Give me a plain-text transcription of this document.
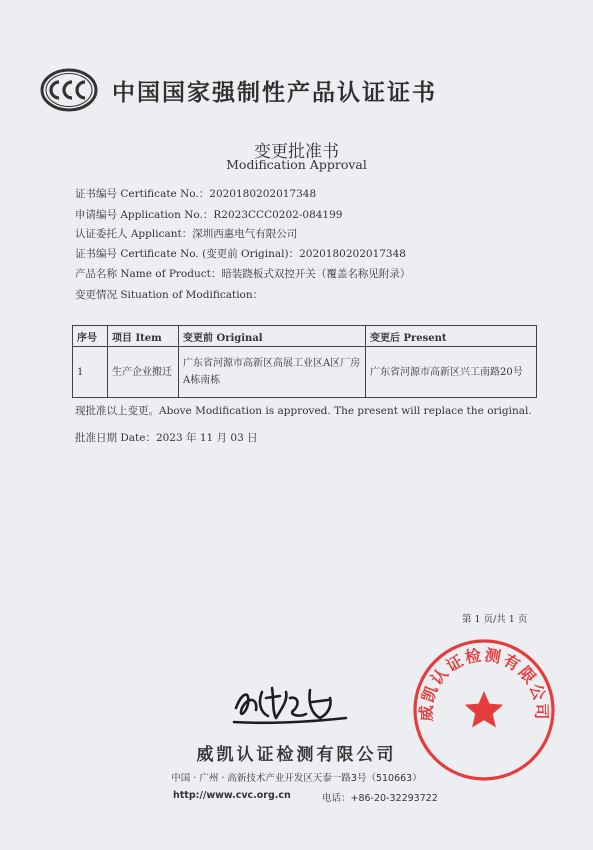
中国国家强制性产品认证证书
变更批准书
Modification Approval
证书编号 Certificate No.：2020180202017348
申请编号 Application No.：R2023CCC0202-084199
认证委托人 Applicant：深圳西惠电气有限公司
证书编号 Certificate No. (变更前 Original)：2020180202017348
产品名称 Name of Product：暗装跷板式双控开关（覆盖名称见附录）
变更情况 Situation of Modification：
序号	项目 Item	变更前 Original	变更后 Present
1	生产企业搬迁	广东省河源市高新区高展工业区A区厂房A栋南栋	广东省河源市高新区兴工南路20号
现批准以上变更。Above Modification is approved. The present will replace the original.
批准日期 Date：2023 年 11 月 03 日
第 1 页/共 1 页
威凯认证检测有限公司
威凯认证检测有限公司
中国 · 广州 · 高新技术产业开发区天泰一路3号（510663）
http://www.cvc.org.cn	电话：+86-20-32293722
